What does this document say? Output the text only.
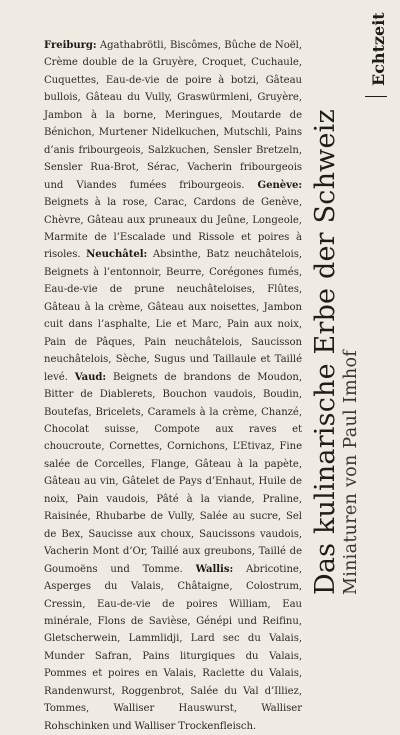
Freiburg: Agathabrötli, Biscômes, Bûche de Noël, Crème double de la Gruyère, Croquet, Cuchaule, Cuquettes, Eau-de-vie de poire à botzi, Gâteau bullois, Gâteau du Vully, Graswürmleni, Gruyère, Jambon à la borne, Meringues, Moutarde de Bénichon, Murtener Nidelkuchen, Mutschli, Pains d’anis fribourgeois, Salzkuchen, Sensler Bretzeln, Sensler Rua-Brot, Sérac, Vacherin fribourgeois und Viandes fumées fribourgeois. Genève: Beignets à la rose, Carac, Cardons de Genève, Chèvre, Gâteau aux pruneaux du Jeûne, Longeole, Marmite de l’Escalade und Rissole et poires à risoles. Neuchâtel: Absinthe, Batz neuchâtelois, Beignets à l’entonnoir, Beurre, Corégones fumés, Eau-de-vie de prune neuchâteloises, Flûtes, Gâteau à la crème, Gâteau aux noisettes, Jambon cuit dans l’asphalte, Lie et Marc, Pain aux noix, Pain de Pâques, Pain neuchâtelois, Saucisson neuchâtelois, Sèche, Sugus und Taillaule et Taillé levé. Vaud: Beignets de brandons de Moudon, Bitter de Diablerets, Bouchon vaudois, Boudin, Boutefas, Bricelets, Caramels à la crème, Chanzé, Chocolat suisse, Compote aux raves et choucroute, Cornettes, Cornichons, L’Etivaz, Fine salée de Corcelles, Flange, Gâteau à la papète, Gâteau au vin, Gâtelet de Pays d’Enhaut, Huile de noix, Pain vaudois, Pâté à la viande, Praline, Raisinée, Rhubarbe de Vully, Salée au sucre, Sel de Bex, Saucisse aux choux, Saucissons vaudois, Vacherin Mont d’Or, Taillé aux greubons, Taillé de Goumoëns und Tomme. Wallis: Abricotine, Asperges du Valais, Châtaigne, Colostrum, Cressin, Eau-de-vie de poires William, Eau minérale, Flons de Savièse, Génépi und Reifinu, Gletscherwein, Lammlidji, Lard sec du Valais, Munder Safran, Pains liturgiques du Valais, Pommes et poires en Valais, Raclette du Valais, Randenwurst, Roggenbrot, Salée du Val d’Illiez, Tommes, Walliser Hauswurst, Walliser Rohschinken und Walliser Trockenfleisch.
Das kulinarische Erbe der Schweiz Miniaturen von Paul Imhof
Echtzeit
